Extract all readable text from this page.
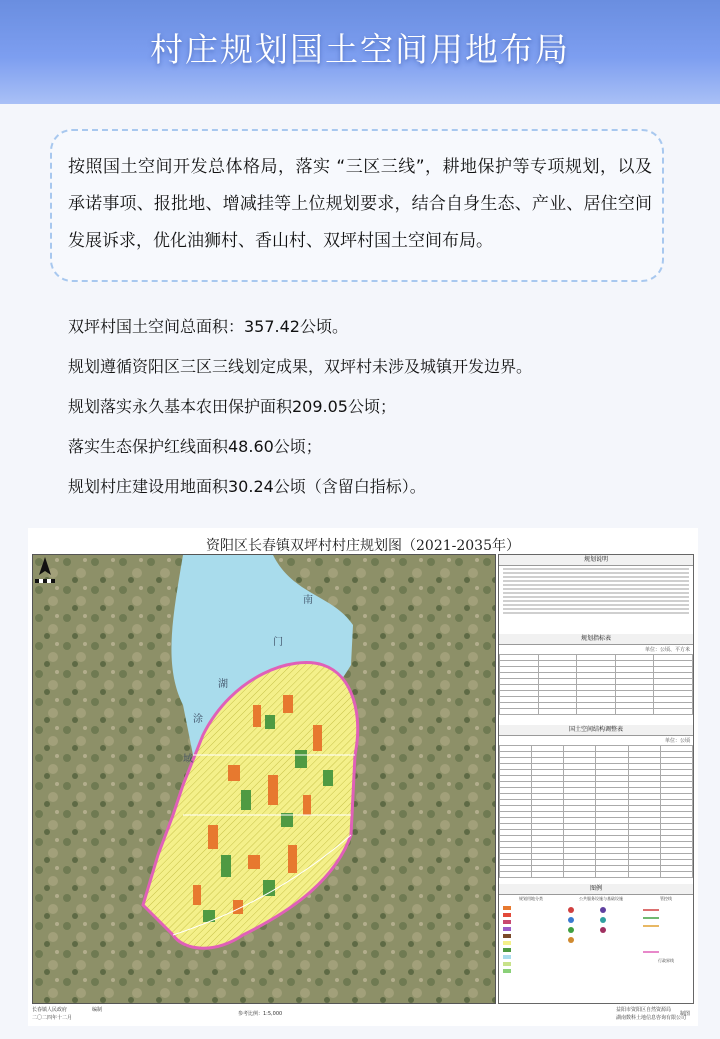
村庄规划国土空间用地布局
按照国土空间开发总体格局，落实 “三区三线”，耕地保护等专项规划，以及承诺事项、报批地、增减挂等上位规划要求，结合自身生态、产业、居住空间发展诉求，优化油狮村、香山村、双坪村国土空间布局。
双坪村国土空间总面积：357.42公顷。
规划遵循资阳区三区三线划定成果，双坪村未涉及城镇开发边界。
规划落实永久基本农田保护面积209.05公顷；
落实生态保护红线面积48.60公顷；
规划村庄建设用地面积30.24公顷（含留白指标）。
资阳区长春镇双坪村村庄规划图（2021-2035年）
南
门
湖
涂
域
规划说明
规划指标表
单位：公顷、平方米

国土空间结构调整表
单位：公顷

图例
规划用地分类	公共服务设施与基础设施	管控线
行政界线
长春镇人民政府
二〇二四年十二月
编制
参考比例：1:5,000
益阳市资阳区自然资源局
湖南数科土地信息咨询有限公司
制图
